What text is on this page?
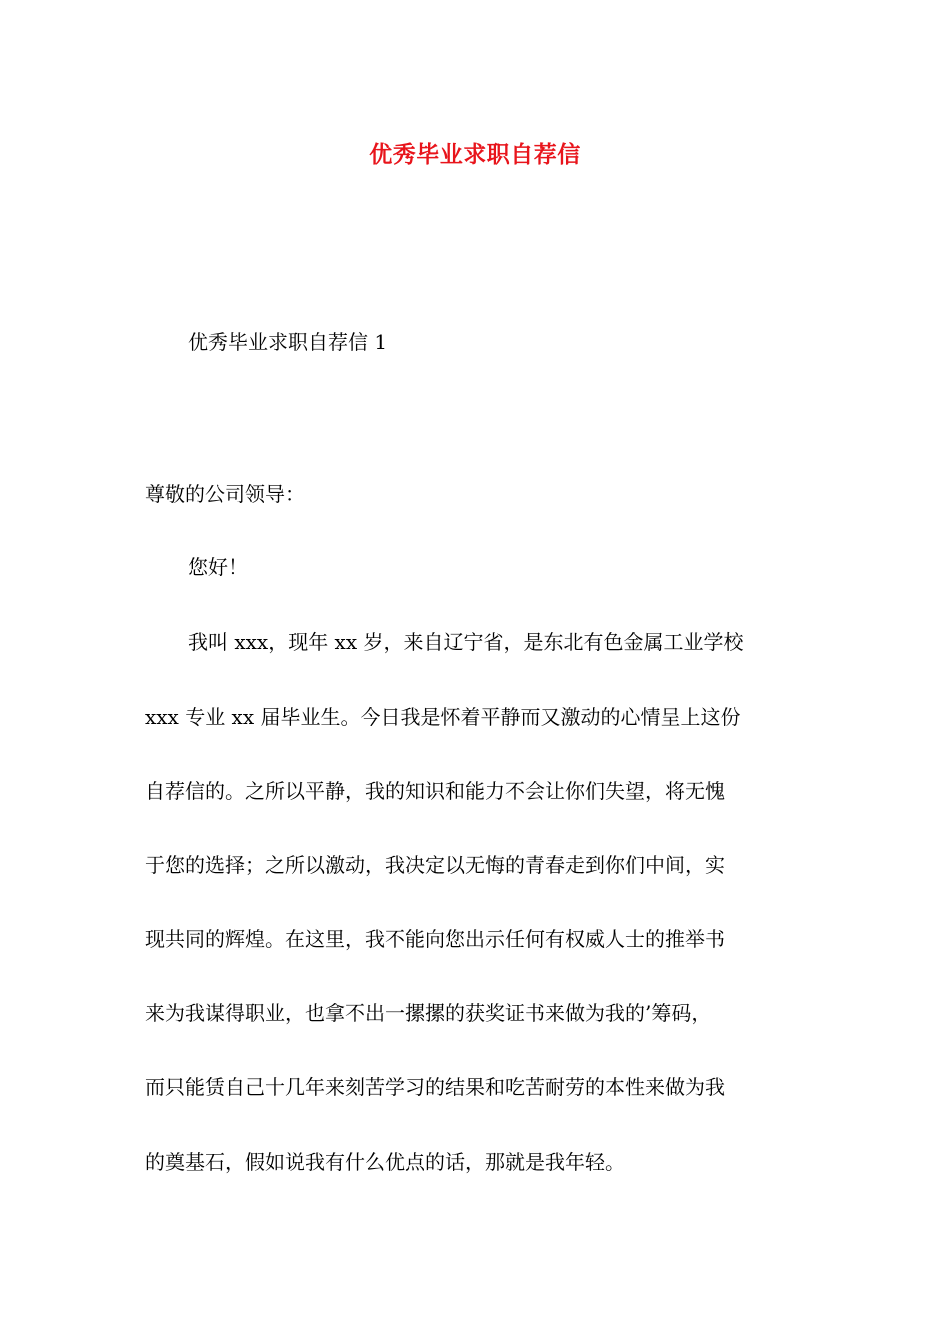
优秀毕业求职自荐信
优秀毕业求职自荐信 1
尊敬的公司领导：
您好！
我叫 xxx，现年 xx 岁，来自辽宁省，是东北有色金属工业学校
xxx 专业 xx 届毕业生。今日我是怀着平静而又激动的心情呈上这份
自荐信的。之所以平静，我的知识和能力不会让你们失望，将无愧
于您的选择；之所以激动，我决定以无悔的青春走到你们中间，实
现共同的辉煌。在这里，我不能向您出示任何有权威人士的推举书
来为我谋得职业，也拿不出一摞摞的获奖证书来做为我的’筹码，
而只能赁自己十几年来刻苦学习的结果和吃苦耐劳的本性来做为我
的奠基石，假如说我有什么优点的话，那就是我年轻。
